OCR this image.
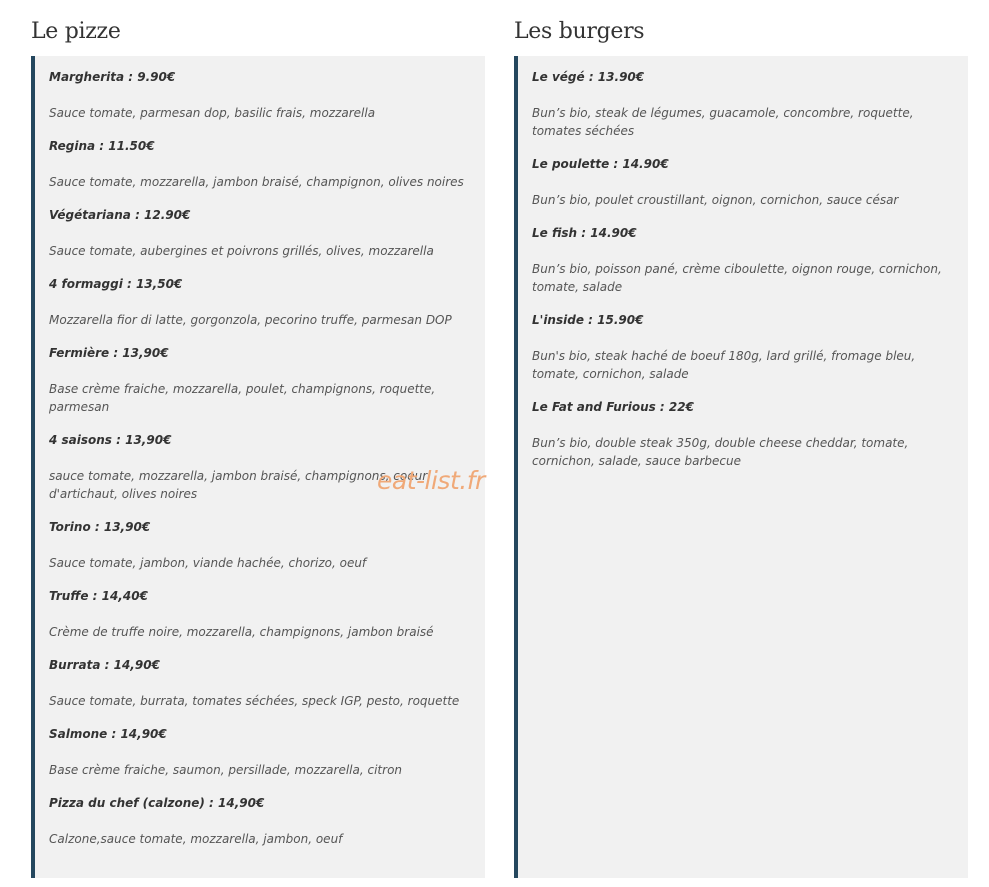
Le pizze
Margherita : 9.90€
Sauce tomate, parmesan dop, basilic frais, mozzarella
Regina : 11.50€
Sauce tomate, mozzarella, jambon braisé, champignon, olives noires
Végétariana : 12.90€
Sauce tomate, aubergines et poivrons grillés, olives, mozzarella
4 formaggi : 13,50€
Mozzarella fior di latte, gorgonzola, pecorino truffe, parmesan DOP
Fermière : 13,90€
Base crème fraiche, mozzarella, poulet, champignons, roquette, parmesan
4 saisons : 13,90€
sauce tomate, mozzarella, jambon braisé, champignons, coeur d'artichaut, olives noires
Torino : 13,90€
Sauce tomate, jambon, viande hachée, chorizo, oeuf
Truffe : 14,40€
Crème de truffe noire, mozzarella, champignons, jambon braisé
Burrata : 14,90€
Sauce tomate, burrata, tomates séchées, speck IGP, pesto, roquette
Salmone : 14,90€
Base crème fraiche, saumon, persillade, mozzarella, citron
Pizza du chef (calzone) : 14,90€
Calzone,sauce tomate, mozzarella, jambon, oeuf
Les burgers
Le végé : 13.90€
Bun’s bio, steak de légumes, guacamole, concombre, roquette, tomates séchées
Le poulette : 14.90€
Bun’s bio, poulet croustillant, oignon, cornichon, sauce césar
Le fish : 14.90€
Bun’s bio, poisson pané, crème ciboulette, oignon rouge, cornichon, tomate, salade
L'inside : 15.90€
Bun's bio, steak haché de boeuf 180g, lard grillé, fromage bleu, tomate, cornichon, salade
Le Fat and Furious : 22€
Bun’s bio, double steak 350g, double cheese cheddar, tomate, cornichon, salade, sauce barbecue
eat-list.fr
